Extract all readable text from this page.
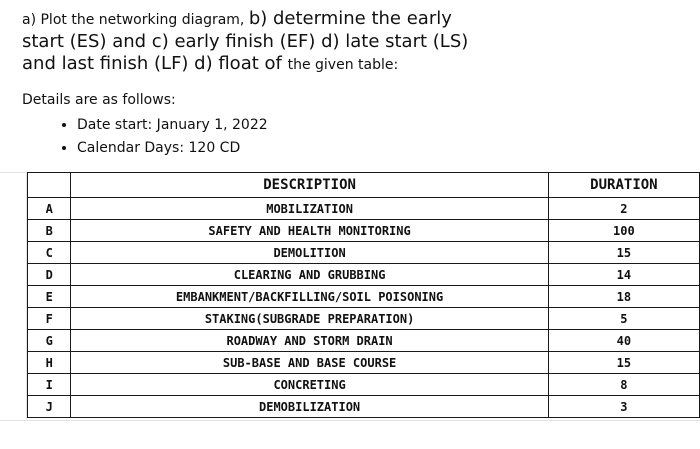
a) Plot the networking diagram, b) determine the early
start (ES) and c) early finish (EF) d) late start (LS)
and last finish (LF) d) float of the given table:
Details are as follows:
• Date start: January 1, 2022
• Calendar Days: 120 CD
	DESCRIPTION	DURATION
A	MOBILIZATION	2
B	SAFETY AND HEALTH MONITORING	100
C	DEMOLITION	15
D	CLEARING AND GRUBBING	14
E	EMBANKMENT/BACKFILLING/SOIL POISONING	18
F	STAKING(SUBGRADE PREPARATION)	5
G	ROADWAY AND STORM DRAIN	40
H	SUB-BASE AND BASE COURSE	15
I	CONCRETING	8
J	DEMOBILIZATION	3
